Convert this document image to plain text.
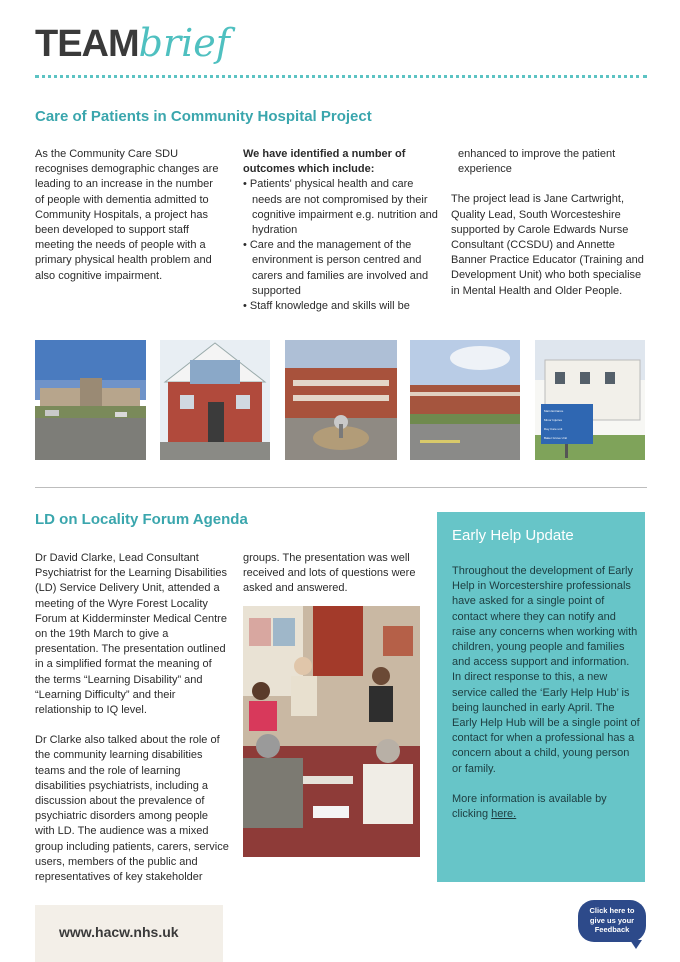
TEAMbrief
Care of Patients in Community Hospital Project

As the Community Care SDU recognises demographic changes are leading to an increase in the number of people with dementia admitted to Community Hospitals, a project has been developed to support staff meeting the needs of people with a primary physical health problem and also cognitive impairment.

We have identified a number of outcomes which include:

• Patients' physical health and care needs are not compromised by their cognitive impairment e.g. nutrition and hydration
• Care and the management of the environment is person centred and carers and families are involved and supported
• Staff knowledge and skills will be

enhanced to improve the patient experience

The project lead is Jane Cartwright, Quality Lead, South Worcesteshire supported by Carole Edwards Nurse Consultant (CCSDU) and Annette Banner Practice Educator (Training and Development Unit) who both specialise in Mental Health and Older People.

Main Entrance
Minor Injuries
Day Care unit
Baker Grove Unit
LD on Locality Forum Agenda

Dr David Clarke, Lead Consultant Psychiatrist for the Learning Disabilities (LD) Service Delivery Unit, attended a meeting of the Wyre Forest Locality Forum at Kidderminster Medical Centre on the 19th March to give a presentation. The presentation outlined in a simplified format the meaning of the terms “Learning Disability” and “Learning Difficulty” and their relationship to IQ level.

Dr Clarke also talked about the role of the community learning disabilities teams and the role of learning disabilities psychiatrists, including a discussion about the prevalence of psychiatric disorders among people with LD. The audience was a mixed group including patients, carers, service users, members of the public and representatives of key stakeholder

groups. The presentation was well received and lots of questions were asked and answered.

Early Help Update

Throughout the development of Early Help in Worcestershire professionals have asked for a single point of contact where they can notify and raise any concerns when working with children, young people and families and access support and information. In direct response to this, a new service called the ‘Early Help Hub’ is being launched in early April. The Early Help Hub will be a single point of contact for when a professional has a concern about a child, young person or family.

More information is available by clicking here.

www.hacw.nhs.uk
Click here to
give us your
Feedback
